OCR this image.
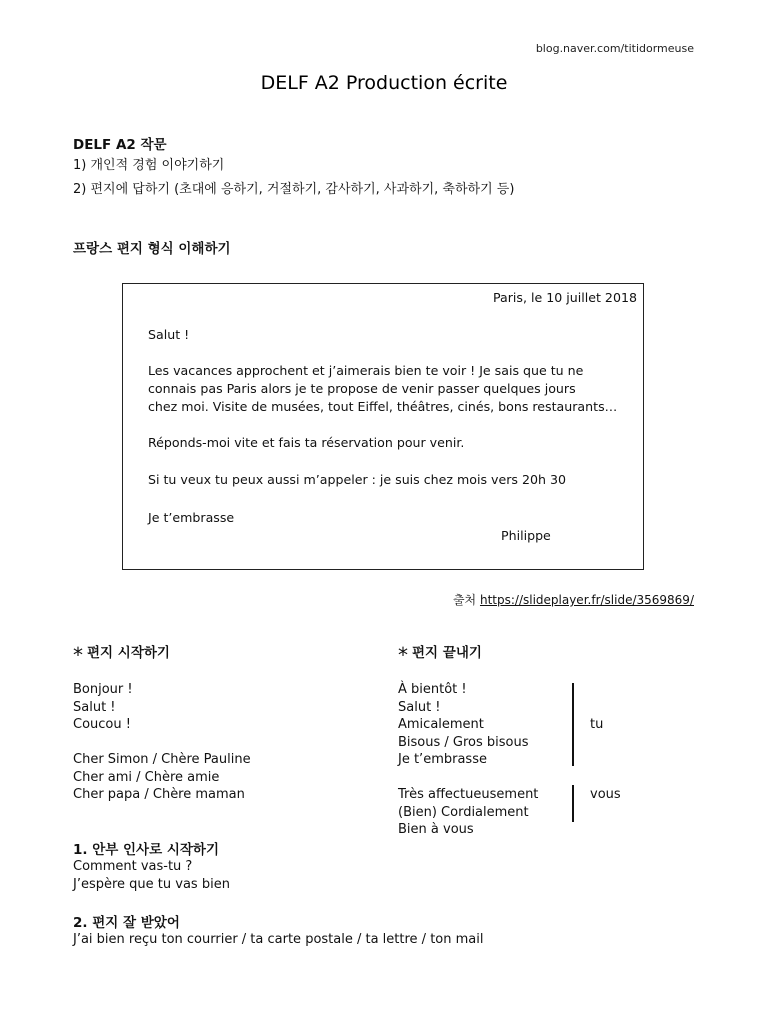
blog.naver.com/titidormeuse
DELF A2 Production écrite
DELF A2 작문
1) 개인적 경험 이야기하기
2) 편지에 답하기 (초대에 응하기, 거절하기, 감사하기, 사과하기, 축하하기 등)
프랑스 편지 형식 이해하기
Paris, le 10 juillet 2018
Salut !
Les vacances approchent et j’aimerais bien te voir ! Je sais que tu ne
connais pas Paris alors je te propose de venir passer quelques jours
chez moi. Visite de musées, tout Eiffel, théâtres, cinés, bons restaurants…
Réponds-moi vite et fais ta réservation pour venir.
Si tu veux tu peux aussi m’appeler : je suis chez mois vers 20h 30
Je t’embrasse
Philippe
출처 https://slideplayer.fr/slide/3569869/
* 편지 시작하기
Bonjour !
Salut !
Coucou !
Cher Simon / Chère Pauline
Cher ami / Chère amie
Cher papa / Chère maman
* 편지 끝내기
À bientôt !
Salut !
Amicalement
Bisous / Gros bisous
Je t’embrasse
tu
Très affectueusement
(Bien) Cordialement
Bien à vous
vous
1. 안부 인사로 시작하기
Comment vas-tu ?
J’espère que tu vas bien
2. 편지 잘 받았어
J’ai bien reçu ton courrier / ta carte postale / ta lettre / ton mail
